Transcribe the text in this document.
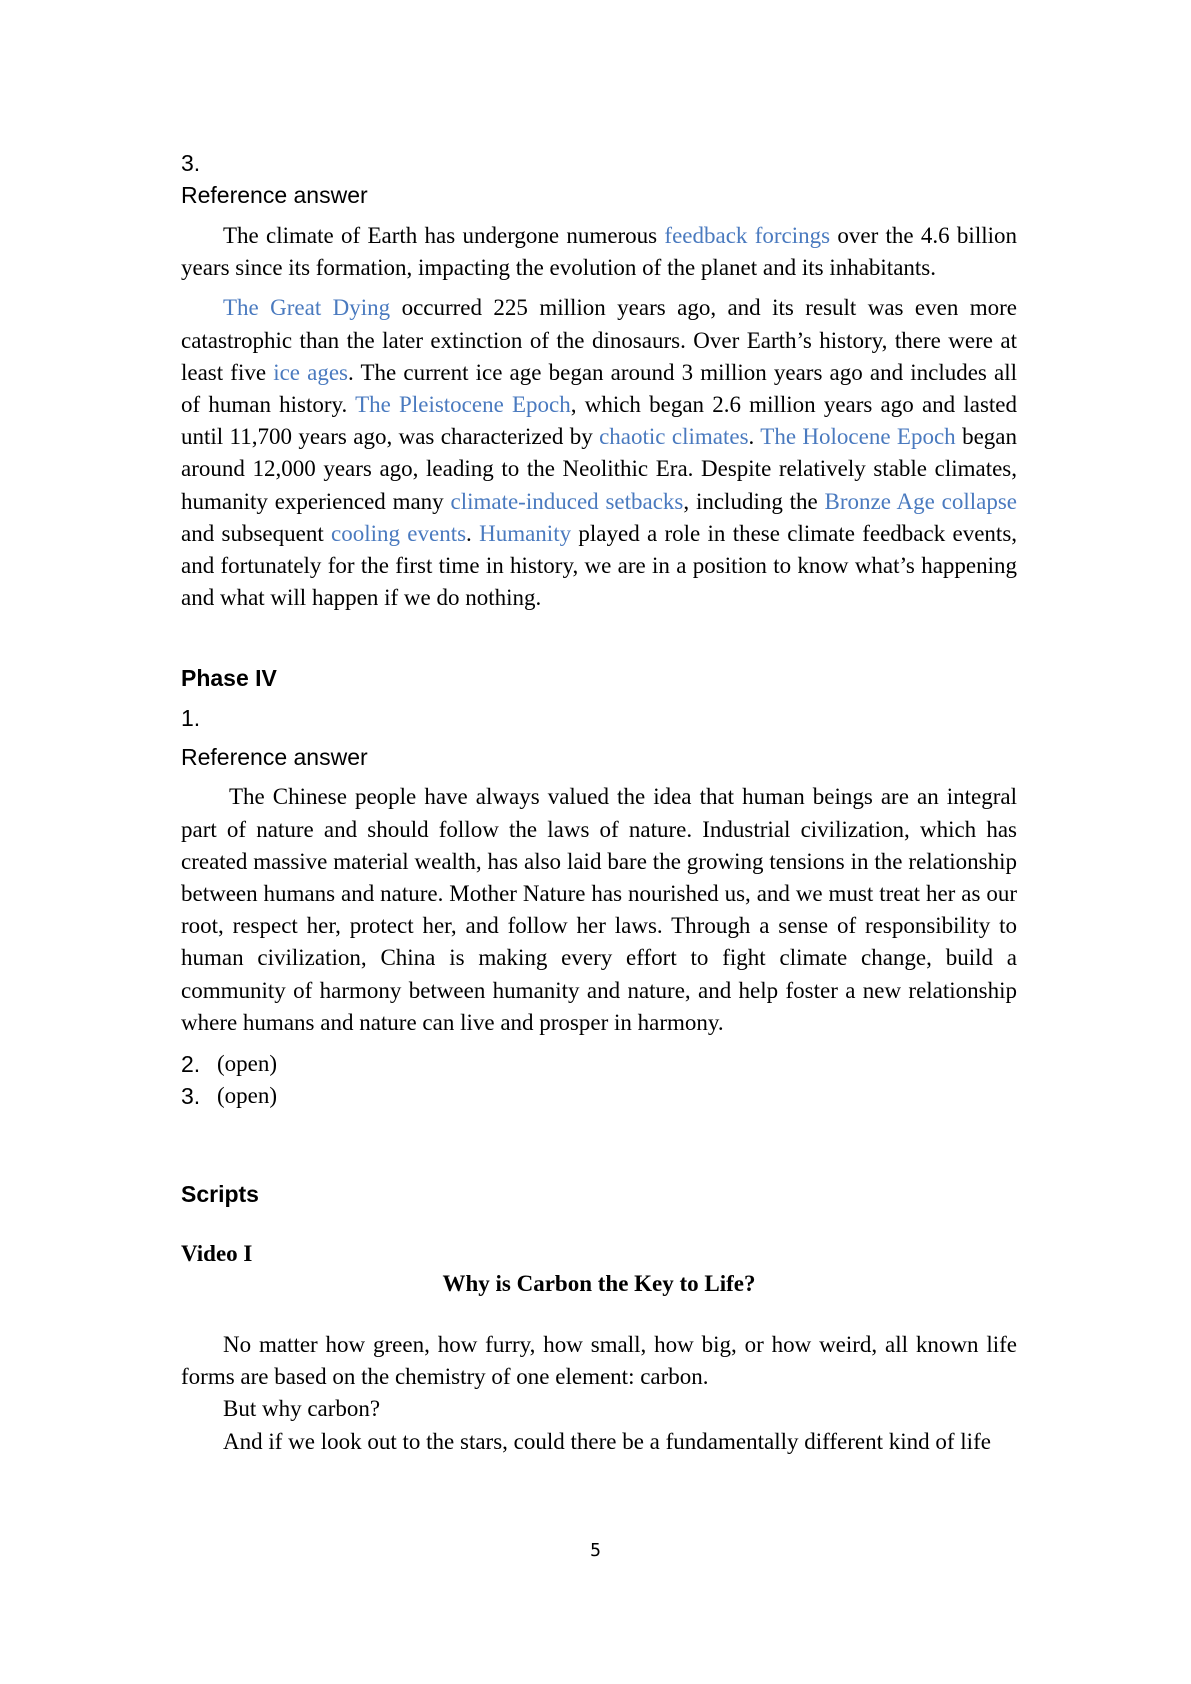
3.
Reference answer

The climate of Earth has undergone numerous feedback forcings over the 4.6 billion years since its formation, impacting the evolution of the planet and its inhabitants.

The Great Dying occurred 225 million years ago, and its result was even more catastrophic than the later extinction of the dinosaurs. Over Earth’s history, there were at least five ice ages. The current ice age began around 3 million years ago and includes all of human history. The Pleistocene Epoch, which began 2.6 million years ago and lasted until 11,700 years ago, was characterized by chaotic climates. The Holocene Epoch began around 12,000 years ago, leading to the Neolithic Era. Despite relatively stable climates, humanity experienced many climate-induced setbacks, including the Bronze Age collapse and subsequent cooling events. Humanity played a role in these climate feedback events, and fortunately for the first time in history, we are in a position to know what’s happening and what will happen if we do nothing.

Phase IV
1.
Reference answer

The Chinese people have always valued the idea that human beings are an integral part of nature and should follow the laws of nature. Industrial civilization, which has created massive material wealth, has also laid bare the growing tensions in the relationship between humans and nature. Mother Nature has nourished us, and we must treat her as our root, respect her, protect her, and follow her laws. Through a sense of responsibility to human civilization, China is making every effort to fight climate change, build a community of harmony between humanity and nature, and help foster a new relationship where humans and nature can live and prosper in harmony.

2. (open)
3. (open)
Scripts
Video I
Why is Carbon the Key to Life?

No matter how green, how furry, how small, how big, or how weird, all known life forms are based on the chemistry of one element: carbon.

But why carbon?

And if we look out to the stars, could there be a fundamentally different kind of life

5
